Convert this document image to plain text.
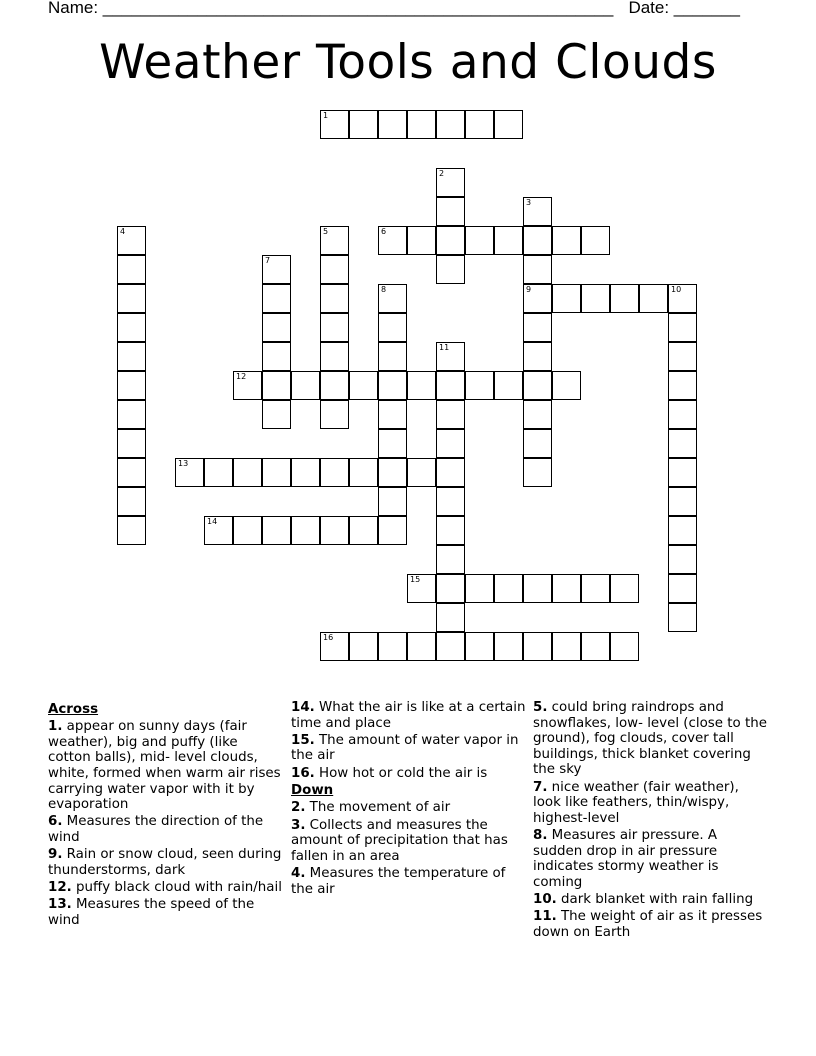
Name: ______________________________________________________ Date: _______
Weather Tools and Clouds
1
2
3
9
4	5	6
7
8	10
11
12
13
14
15
16
Across
1. appear on sunny days (fair weather), big and puffy (like cotton balls), mid- level clouds, white, formed when warm air rises carrying water vapor with it by evaporation
6. Measures the direction of the wind
9. Rain or snow cloud, seen during thunderstorms, dark
12. puffy black cloud with rain/hail
13. Measures the speed of the wind
14. What the air is like at a certain time and place
15. The amount of water vapor in the air
16. How hot or cold the air is
Down
2. The movement of air
3. Collects and measures the amount of precipitation that has fallen in an area
4. Measures the temperature of the air
5. could bring raindrops and snowflakes, low- level (close to the ground), fog clouds, cover tall buildings, thick blanket covering the sky
7. nice weather (fair weather), look like feathers, thin/wispy, highest-level
8. Measures air pressure. A sudden drop in air pressure indicates stormy weather is coming
10. dark blanket with rain falling
11. The weight of air as it presses down on Earth
